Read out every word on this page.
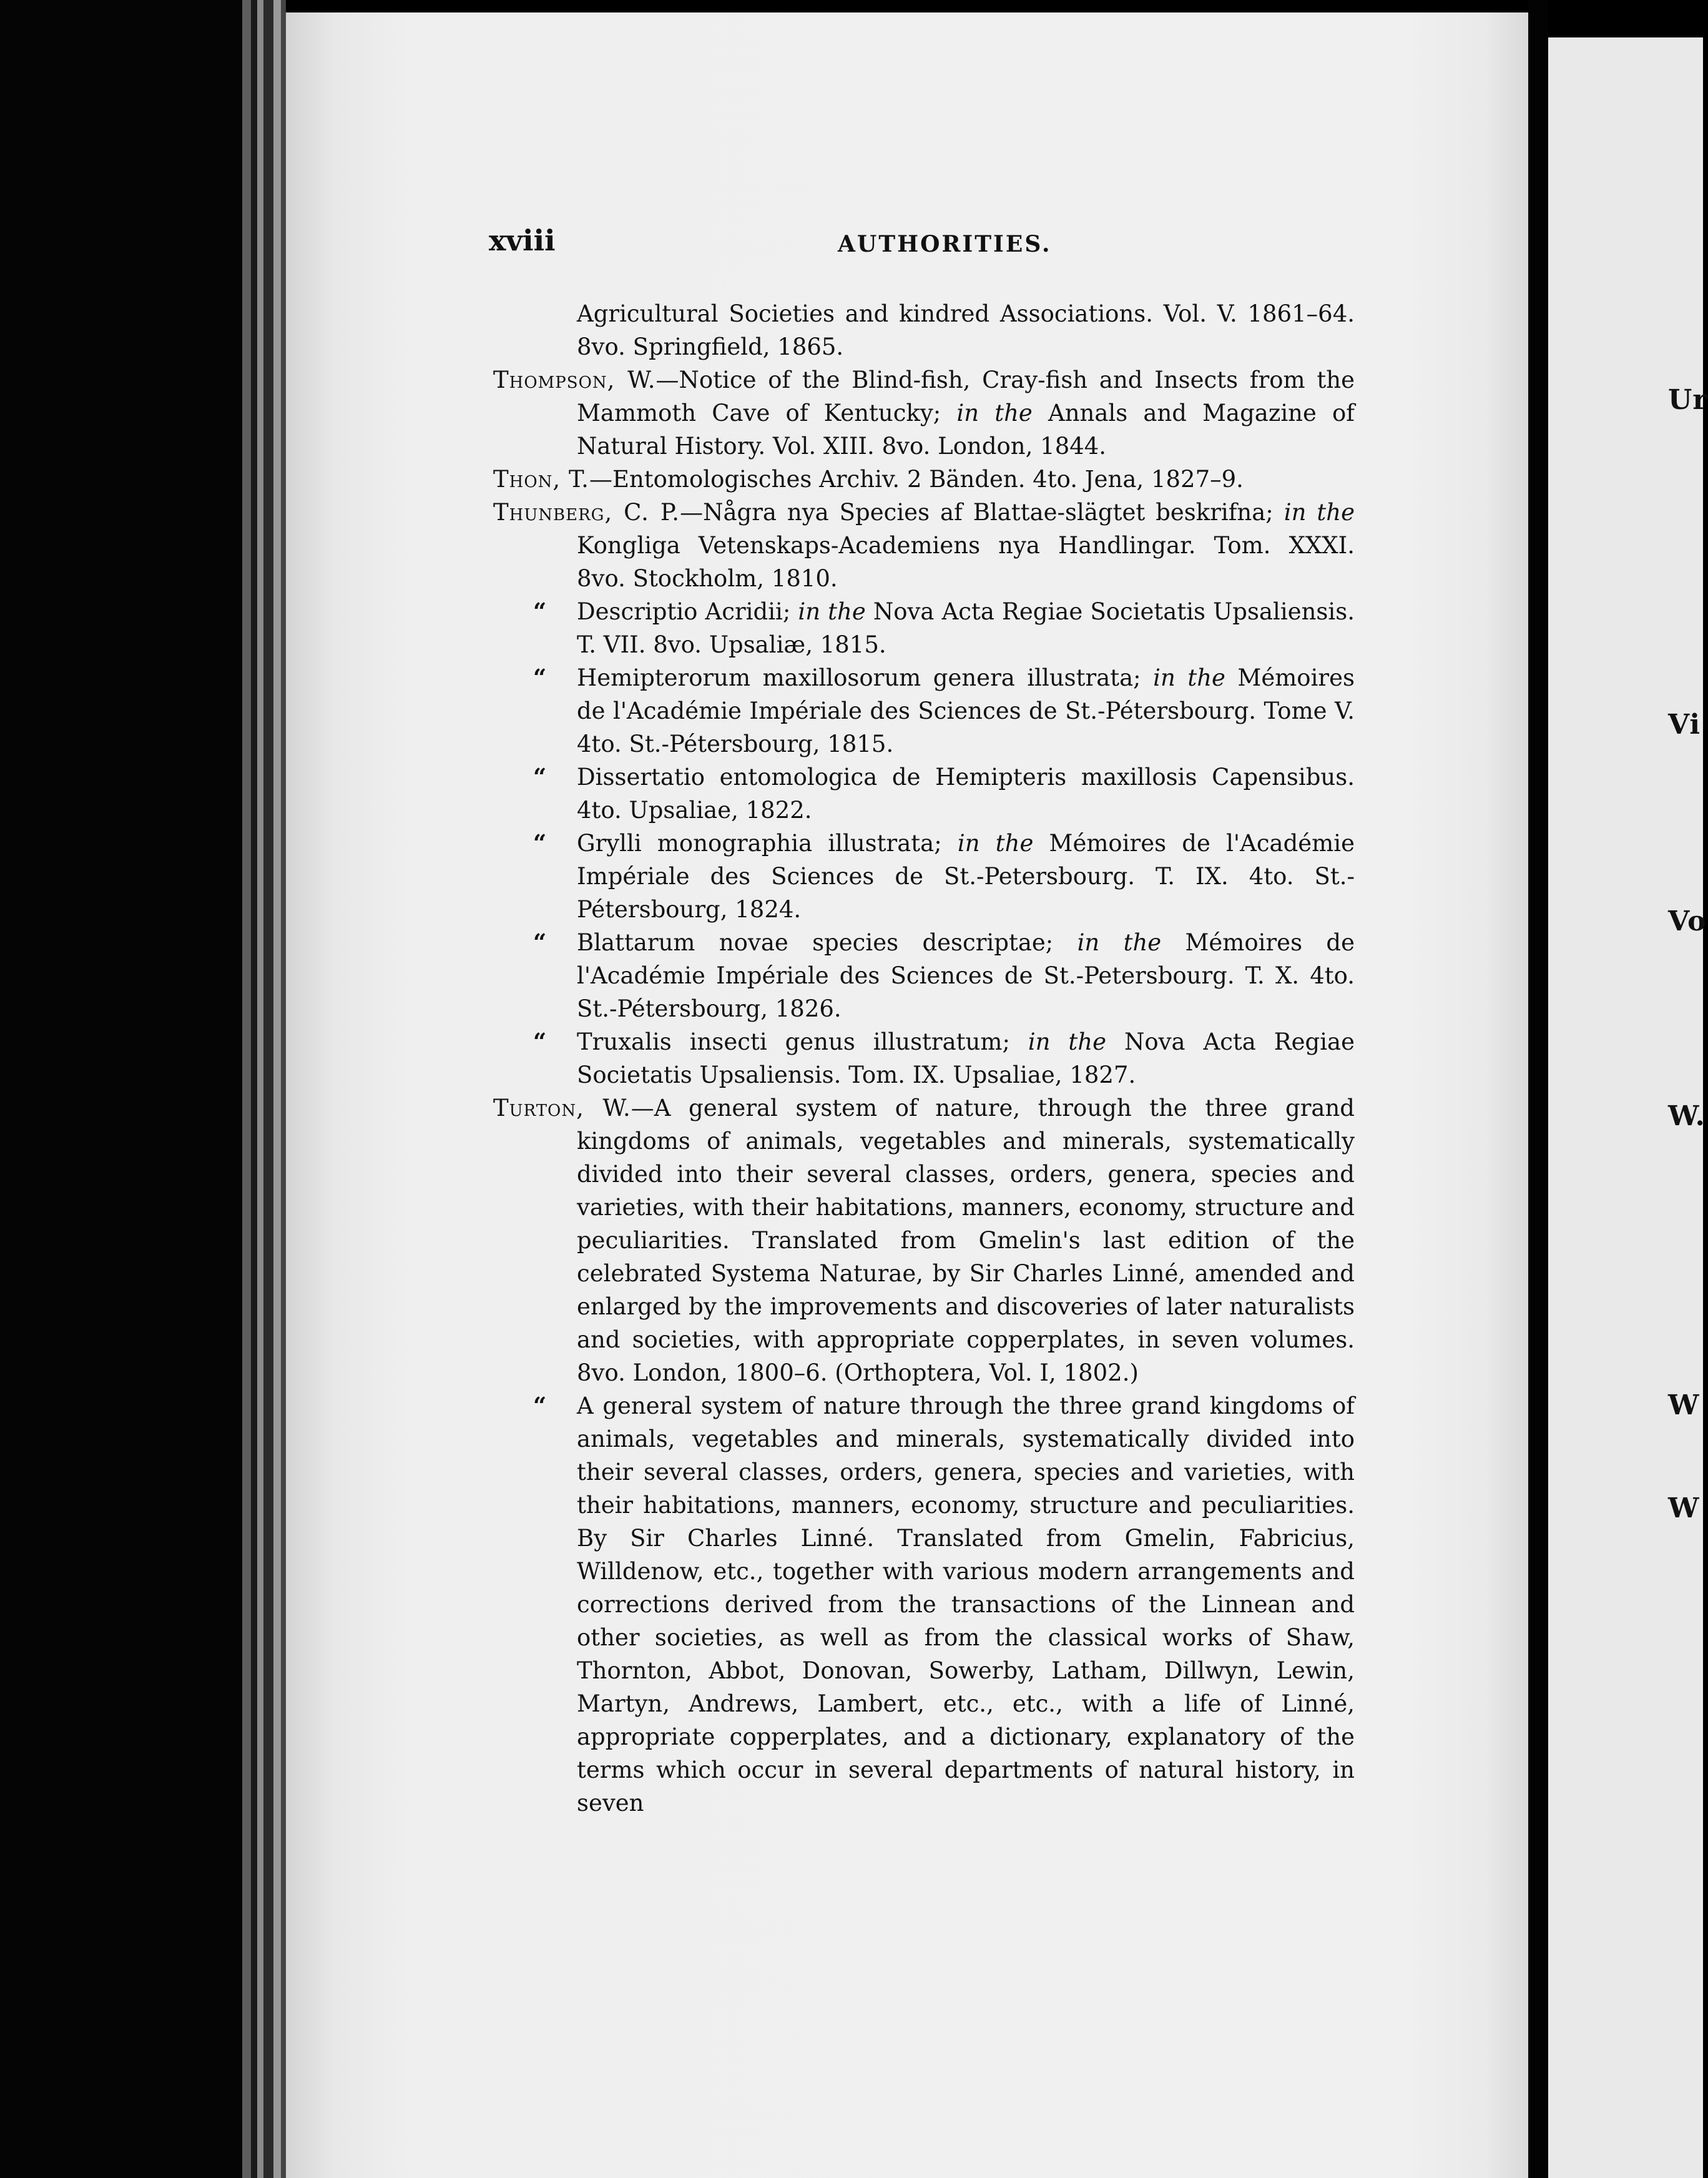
Ur
Vi
Vo
W.
W
W
xviii	AUTHORITIES.

Agricultural Societies and kindred Associations. Vol. V. 1861–64. 8vo. Springfield, 1865.

Thompson, W.—Notice of the Blind-fish, Cray-fish and Insects from the Mammoth Cave of Kentucky; in the Annals and Magazine of Natural History. Vol. XIII. 8vo. London, 1844.

Thon, T.—Entomologisches Archiv. 2 Bänden. 4to. Jena, 1827–9.

Thunberg, C. P.—Några nya Species af Blattae-slägtet beskrifna; in the Kongliga Vetenskaps-Academiens nya Handlingar. Tom. XXXI. 8vo. Stockholm, 1810.

“ Descriptio Acridii; in the Nova Acta Regiae Societatis Upsaliensis. T. VII. 8vo. Upsaliæ, 1815.

“ Hemipterorum maxillosorum genera illustrata; in the Mémoires de l'Académie Impériale des Sciences de St.-Pétersbourg. Tome V. 4to. St.-Pétersbourg, 1815.

“ Dissertatio entomologica de Hemipteris maxillosis Capensibus. 4to. Upsaliae, 1822.

“ Grylli monographia illustrata; in the Mémoires de l'Académie Impériale des Sciences de St.-Petersbourg. T. IX. 4to. St.-Pétersbourg, 1824.

“ Blattarum novae species descriptae; in the Mémoires de l'Académie Impériale des Sciences de St.-Petersbourg. T. X. 4to. St.-Pétersbourg, 1826.

“ Truxalis insecti genus illustratum; in the Nova Acta Regiae Societatis Upsaliensis. Tom. IX. Upsaliae, 1827.

Turton, W.—A general system of nature, through the three grand kingdoms of animals, vegetables and minerals, systematically divided into their several classes, orders, genera, species and varieties, with their habitations, manners, economy, structure and peculiarities. Translated from Gmelin's last edition of the celebrated Systema Naturae, by Sir Charles Linné, amended and enlarged by the improvements and discoveries of later naturalists and societies, with appropriate copperplates, in seven volumes. 8vo. London, 1800–6. (Orthoptera, Vol. I, 1802.)

“ A general system of nature through the three grand kingdoms of animals, vegetables and minerals, systematically divided into their several classes, orders, genera, species and varieties, with their habitations, manners, economy, structure and peculiarities. By Sir Charles Linné. Translated from Gmelin, Fabricius, Willdenow, etc., together with various modern arrangements and corrections derived from the transactions of the Linnean and other societies, as well as from the classical works of Shaw, Thornton, Abbot, Donovan, Sowerby, Latham, Dillwyn, Lewin, Martyn, Andrews, Lambert, etc., etc., with a life of Linné, appropriate copperplates, and a dictionary, explanatory of the terms which occur in several departments of natural history, in seven
